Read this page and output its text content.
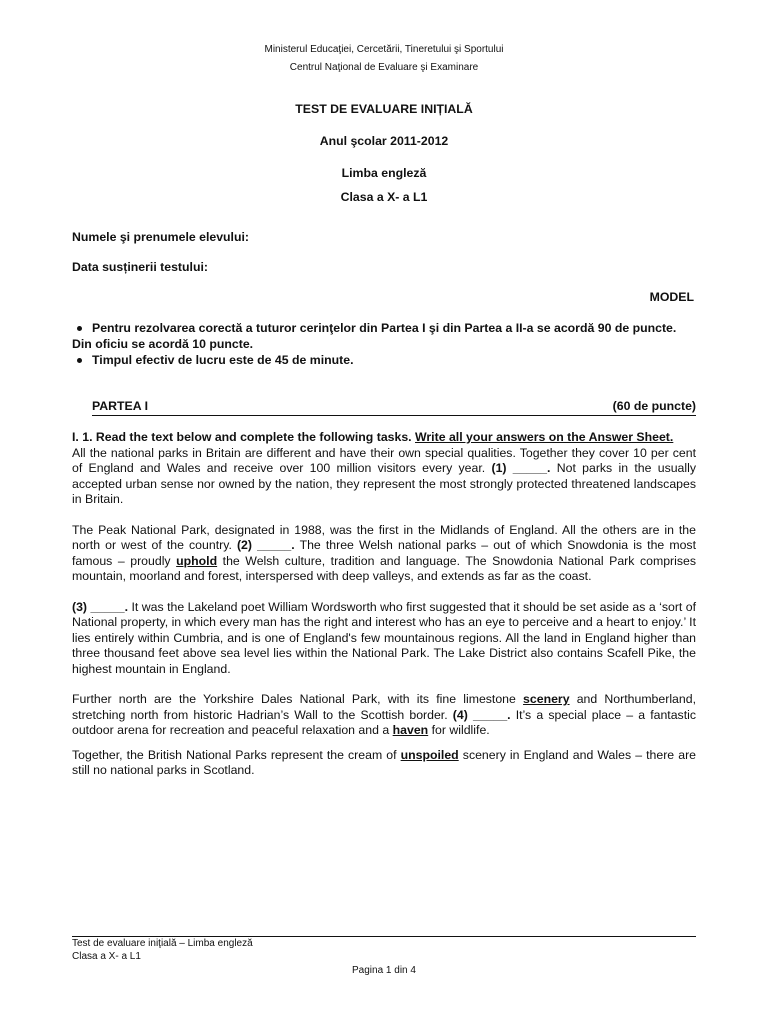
Ministerul Educaţiei, Cercetării, Tineretului şi Sportului
Centrul Naţional de Evaluare şi Examinare
TEST DE EVALUARE INIȚIALĂ
Anul şcolar 2011-2012
Limba engleză
Clasa a X- a L1
Numele şi prenumele elevului:
Data susținerii testului:
MODEL
Pentru rezolvarea corectă a tuturor cerinţelor din Partea I şi din Partea a II-a se acordă 90 de puncte. Din oficiu se acordă 10 puncte.
Timpul efectiv de lucru este de 45 de minute.
PARTEA I	(60 de puncte)

I. 1. Read the text below and complete the following tasks. Write all your answers on the Answer Sheet.

All the national parks in Britain are different and have their own special qualities. Together they cover 10 per cent of England and Wales and receive over 100 million visitors every year. (1) _____. Not parks in the usually accepted urban sense nor owned by the nation, they represent the most strongly protected threatened landscapes in Britain.

The Peak National Park, designated in 1988, was the first in the Midlands of England. All the others are in the north or west of the country. (2) _____. The three Welsh national parks – out of which Snowdonia is the most famous – proudly uphold the Welsh culture, tradition and language. The Snowdonia National Park comprises mountain, moorland and forest, interspersed with deep valleys, and extends as far as the coast.

(3) _____. It was the Lakeland poet William Wordsworth who first suggested that it should be set aside as a ‘sort of National property, in which every man has the right and interest who has an eye to perceive and a heart to enjoy.’ It lies entirely within Cumbria, and is one of England's few mountainous regions. All the land in England higher than three thousand feet above sea level lies within the National Park. The Lake District also contains Scafell Pike, the highest mountain in England.

Further north are the Yorkshire Dales National Park, with its fine limestone scenery and Northumberland, stretching north from historic Hadrian’s Wall to the Scottish border. (4) _____. It’s a special place – a fantastic outdoor arena for recreation and peaceful relaxation and a haven for wildlife.

Together, the British National Parks represent the cream of unspoiled scenery in England and Wales – there are still no national parks in Scotland.

Test de evaluare iniţială – Limba engleză
Clasa a X- a L1
Pagina 1 din 4
